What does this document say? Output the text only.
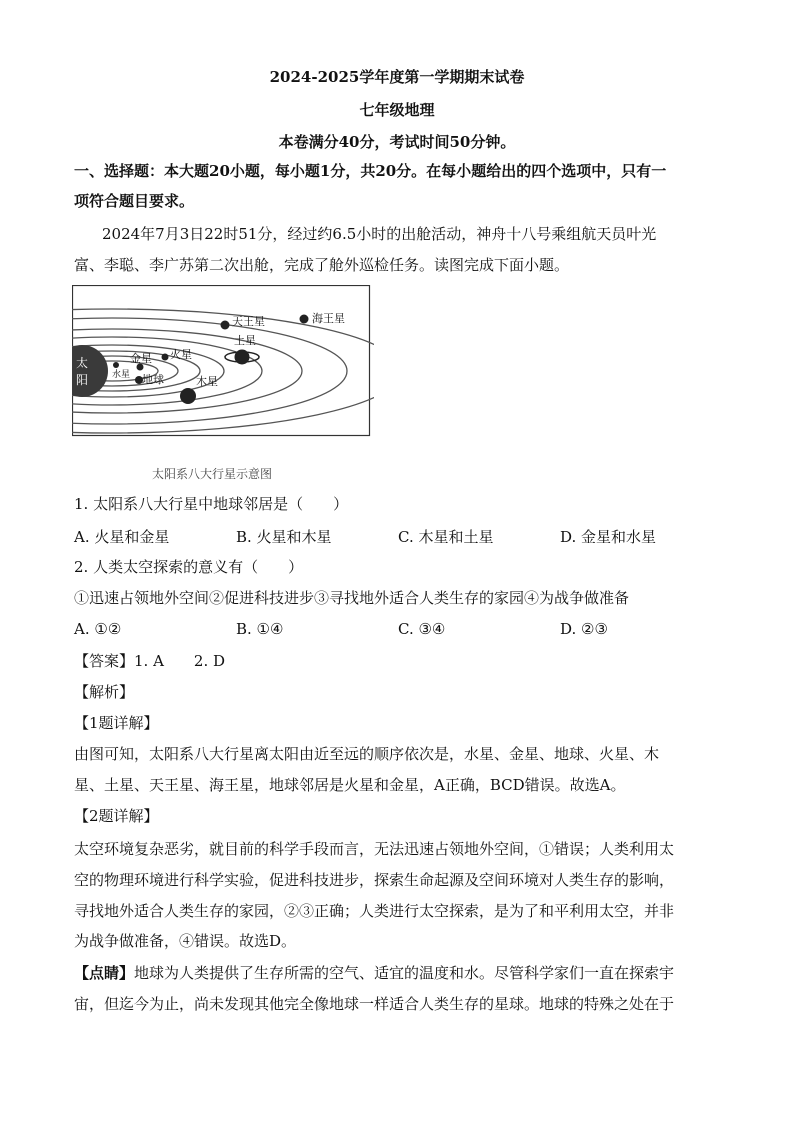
2024-2025学年度第一学期期末试卷
七年级地理
本卷满分40分，考试时间50分钟。
一、选择题：本大题20小题，每小题1分，共20分。在每小题给出的四个选项中，只有一
项符合题目要求。
2024年7月3日22时51分，经过约6.5小时的出舱活动，神舟十八号乘组航天员叶光
富、李聪、李广苏第二次出舱，完成了舱外巡检任务。读图完成下面小题。
太
阳	水星
金星
地球
火星
木星
土星
天王星	海王星
太阳系八大行星示意图
1. 太阳系八大行星中地球邻居是（　　）
A. 火星和金星	B. 火星和木星	C. 木星和土星	D. 金星和水星
2. 人类太空探索的意义有（　　）
①迅速占领地外空间②促进科技进步③寻找地外适合人类生存的家园④为战争做准备
A. ①②	B. ①④	C. ③④	D. ②③
【答案】1. A　　2. D
【解析】
【1题详解】
由图可知，太阳系八大行星离太阳由近至远的顺序依次是，水星、金星、地球、火星、木
星、土星、天王星、海王星，地球邻居是火星和金星，A正确，BCD错误。故选A。
【2题详解】
太空环境复杂恶劣，就目前的科学手段而言，无法迅速占领地外空间，①错误；人类利用太
空的物理环境进行科学实验，促进科技进步，探索生命起源及空间环境对人类生存的影响，
寻找地外适合人类生存的家园，②③正确；人类进行太空探索，是为了和平利用太空，并非
为战争做准备，④错误。故选D。
【点睛】地球为人类提供了生存所需的空气、适宜的温度和水。尽管科学家们一直在探索宇
宙，但迄今为止，尚未发现其他完全像地球一样适合人类生存的星球。地球的特殊之处在于
